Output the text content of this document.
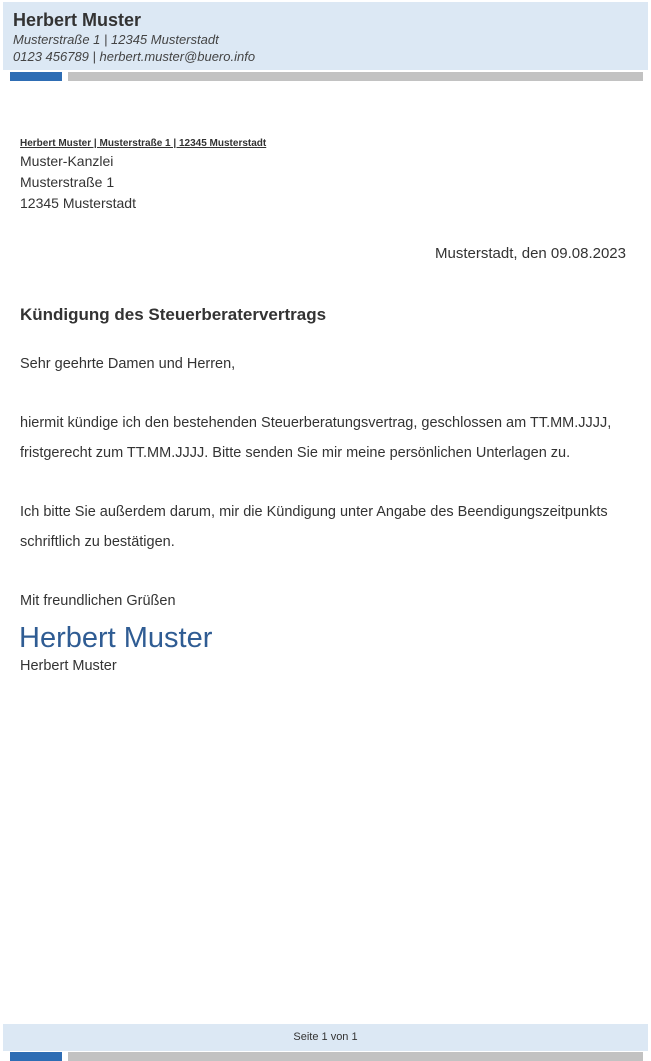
Herbert Muster
Musterstraße 1 | 12345 Musterstadt
0123 456789 | herbert.muster@buero.info
Herbert Muster | Musterstraße 1 | 12345 Musterstadt
Muster-Kanzlei
Musterstraße 1
12345 Musterstadt
Musterstadt, den 09.08.2023
Kündigung des Steuerberatervertrags
Sehr geehrte Damen und Herren,
hiermit kündige ich den bestehenden Steuerberatungsvertrag, geschlossen am TT.MM.JJJJ,
fristgerecht zum TT.MM.JJJJ. Bitte senden Sie mir meine persönlichen Unterlagen zu.
Ich bitte Sie außerdem darum, mir die Kündigung unter Angabe des Beendigungszeitpunkts
schriftlich zu bestätigen.
Mit freundlichen Grüßen
Herbert Muster
Herbert Muster
Seite 1 von 1
